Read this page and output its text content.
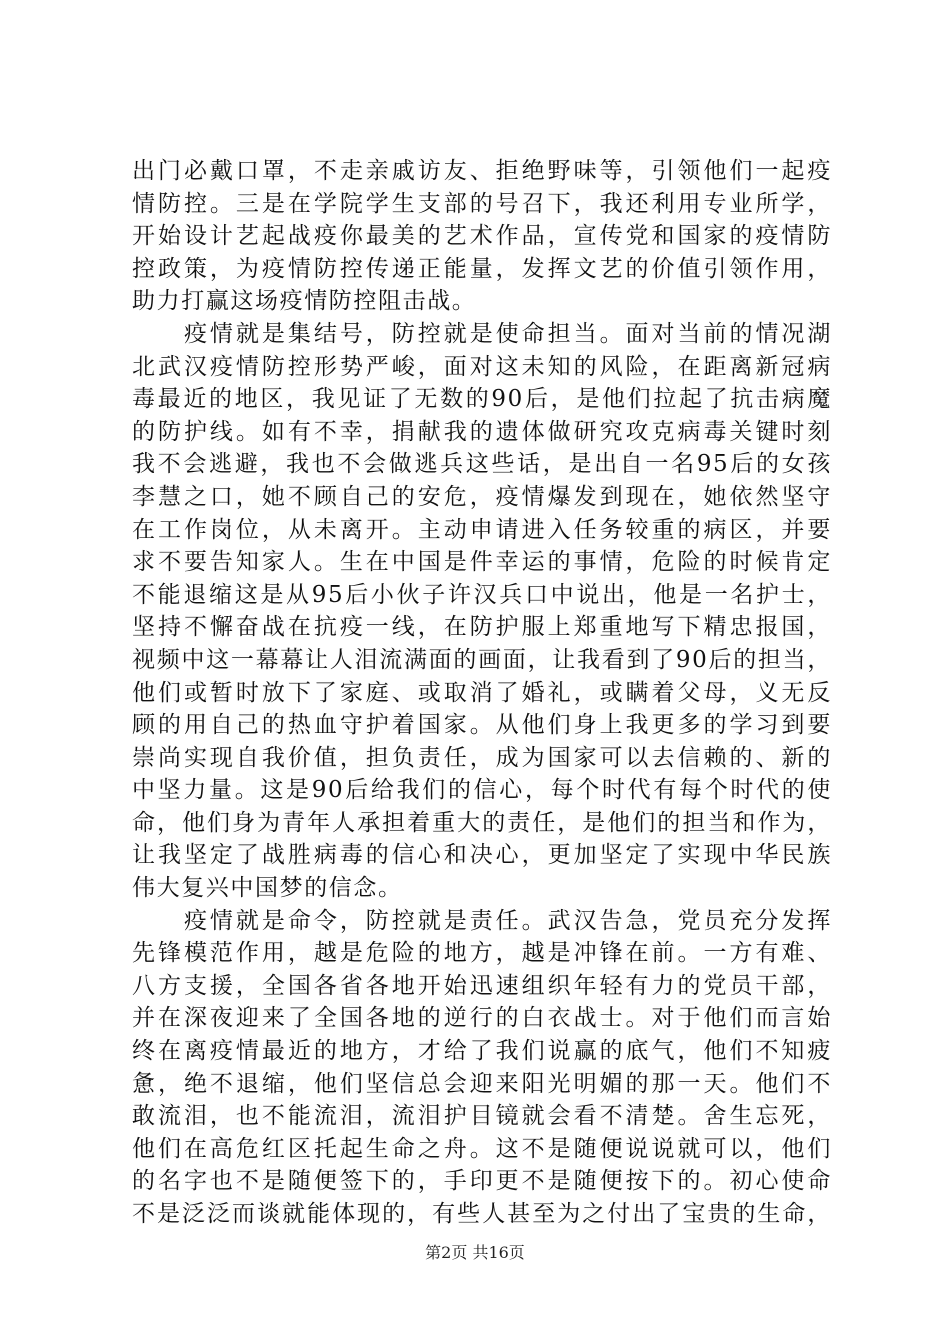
出门必戴口罩，不走亲戚访友、拒绝野味等，引领他们一起疫
情防控。三是在学院学生支部的号召下，我还利用专业所学，
开始设计艺起战疫你最美的艺术作品，宣传党和国家的疫情防
控政策，为疫情防控传递正能量，发挥文艺的价值引领作用，
助力打赢这场疫情防控阻击战。
　　疫情就是集结号，防控就是使命担当。面对当前的情况湖
北武汉疫情防控形势严峻，面对这未知的风险，在距离新冠病
毒最近的地区，我见证了无数的90后，是他们拉起了抗击病魔
的防护线。如有不幸，捐献我的遗体做研究攻克病毒关键时刻
我不会逃避，我也不会做逃兵这些话，是出自一名95后的女孩
李慧之口，她不顾自己的安危，疫情爆发到现在，她依然坚守
在工作岗位，从未离开。主动申请进入任务较重的病区，并要
求不要告知家人。生在中国是件幸运的事情，危险的时候肯定
不能退缩这是从95后小伙子许汉兵口中说出，他是一名护士，
坚持不懈奋战在抗疫一线，在防护服上郑重地写下精忠报国，
视频中这一幕幕让人泪流满面的画面，让我看到了90后的担当，
他们或暂时放下了家庭、或取消了婚礼，或瞒着父母，义无反
顾的用自己的热血守护着国家。从他们身上我更多的学习到要
崇尚实现自我价值，担负责任，成为国家可以去信赖的、新的
中坚力量。这是90后给我们的信心，每个时代有每个时代的使
命，他们身为青年人承担着重大的责任，是他们的担当和作为，
让我坚定了战胜病毒的信心和决心，更加坚定了实现中华民族
伟大复兴中国梦的信念。
　　疫情就是命令，防控就是责任。武汉告急，党员充分发挥
先锋模范作用，越是危险的地方，越是冲锋在前。一方有难、
八方支援，全国各省各地开始迅速组织年轻有力的党员干部，
并在深夜迎来了全国各地的逆行的白衣战士。对于他们而言始
终在离疫情最近的地方，才给了我们说赢的底气，他们不知疲
惫，绝不退缩，他们坚信总会迎来阳光明媚的那一天。他们不
敢流泪，也不能流泪，流泪护目镜就会看不清楚。舍生忘死，
他们在高危红区托起生命之舟。这不是随便说说就可以，他们
的名字也不是随便签下的，手印更不是随便按下的。初心使命
不是泛泛而谈就能体现的，有些人甚至为之付出了宝贵的生命，
第2页 共16页
